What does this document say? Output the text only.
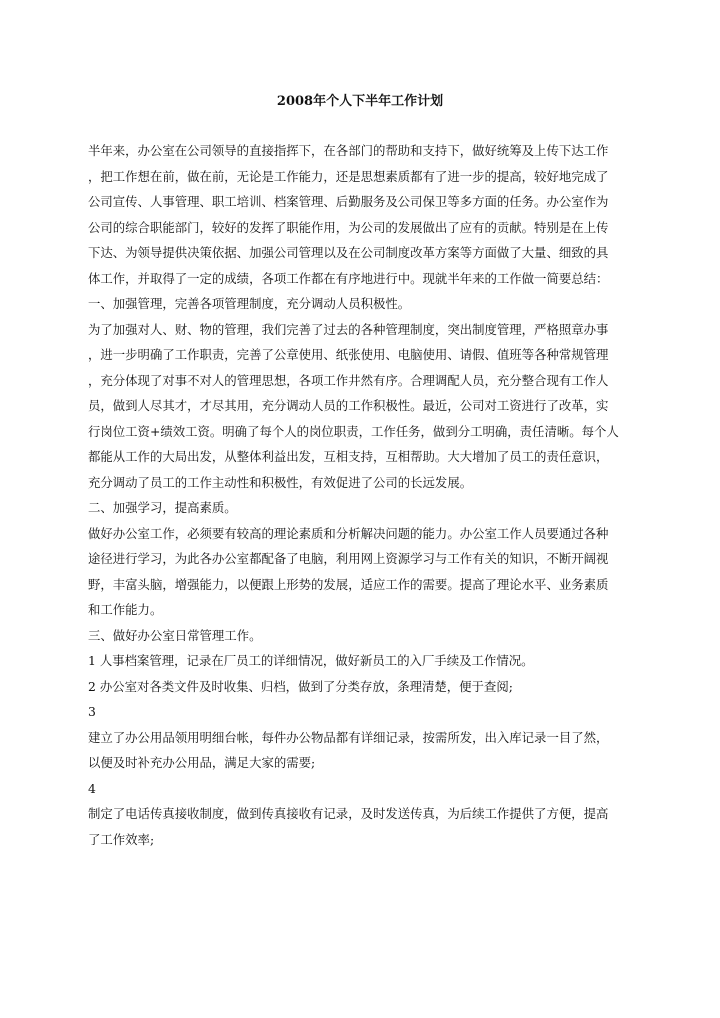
2008年个人下半年工作计划
半年来，办公室在公司领导的直接指挥下，在各部门的帮助和支持下，做好统筹及上传下达工作
，把工作想在前，做在前，无论是工作能力，还是思想素质都有了进一步的提高，较好地完成了
公司宣传、人事管理、职工培训、档案管理、后勤服务及公司保卫等多方面的任务。办公室作为
公司的综合职能部门，较好的发挥了职能作用，为公司的发展做出了应有的贡献。特别是在上传
下达、为领导提供决策依据、加强公司管理以及在公司制度改革方案等方面做了大量、细致的具
体工作，并取得了一定的成绩，各项工作都在有序地进行中。现就半年来的工作做一简要总结：
一、加强管理，完善各项管理制度，充分调动人员积极性。
为了加强对人、财、物的管理，我们完善了过去的各种管理制度，突出制度管理，严格照章办事
，进一步明确了工作职责，完善了公章使用、纸张使用、电脑使用、请假、值班等各种常规管理
，充分体现了对事不对人的管理思想，各项工作井然有序。合理调配人员，充分整合现有工作人
员，做到人尽其才，才尽其用，充分调动人员的工作积极性。最近，公司对工资进行了改革，实
行岗位工资+绩效工资。明确了每个人的岗位职责，工作任务，做到分工明确，责任清晰。每个人
都能从工作的大局出发，从整体利益出发，互相支持，互相帮助。大大增加了员工的责任意识，
充分调动了员工的工作主动性和积极性，有效促进了公司的长远发展。
二、加强学习，提高素质。
做好办公室工作，必须要有较高的理论素质和分析解决问题的能力。办公室工作人员要通过各种
途径进行学习，为此各办公室都配备了电脑，利用网上资源学习与工作有关的知识，不断开阔视
野，丰富头脑，增强能力，以便跟上形势的发展，适应工作的需要。提高了理论水平、业务素质
和工作能力。
三、做好办公室日常管理工作。
1 人事档案管理，记录在厂员工的详细情况，做好新员工的入厂手续及工作情况。
2 办公室对各类文件及时收集、归档，做到了分类存放，条理清楚，便于查阅;
3
建立了办公用品领用明细台帐，每件办公物品都有详细记录，按需所发，出入库记录一目了然，
以便及时补充办公用品，满足大家的需要;
4
制定了电话传真接收制度，做到传真接收有记录，及时发送传真，为后续工作提供了方便，提高
了工作效率;
